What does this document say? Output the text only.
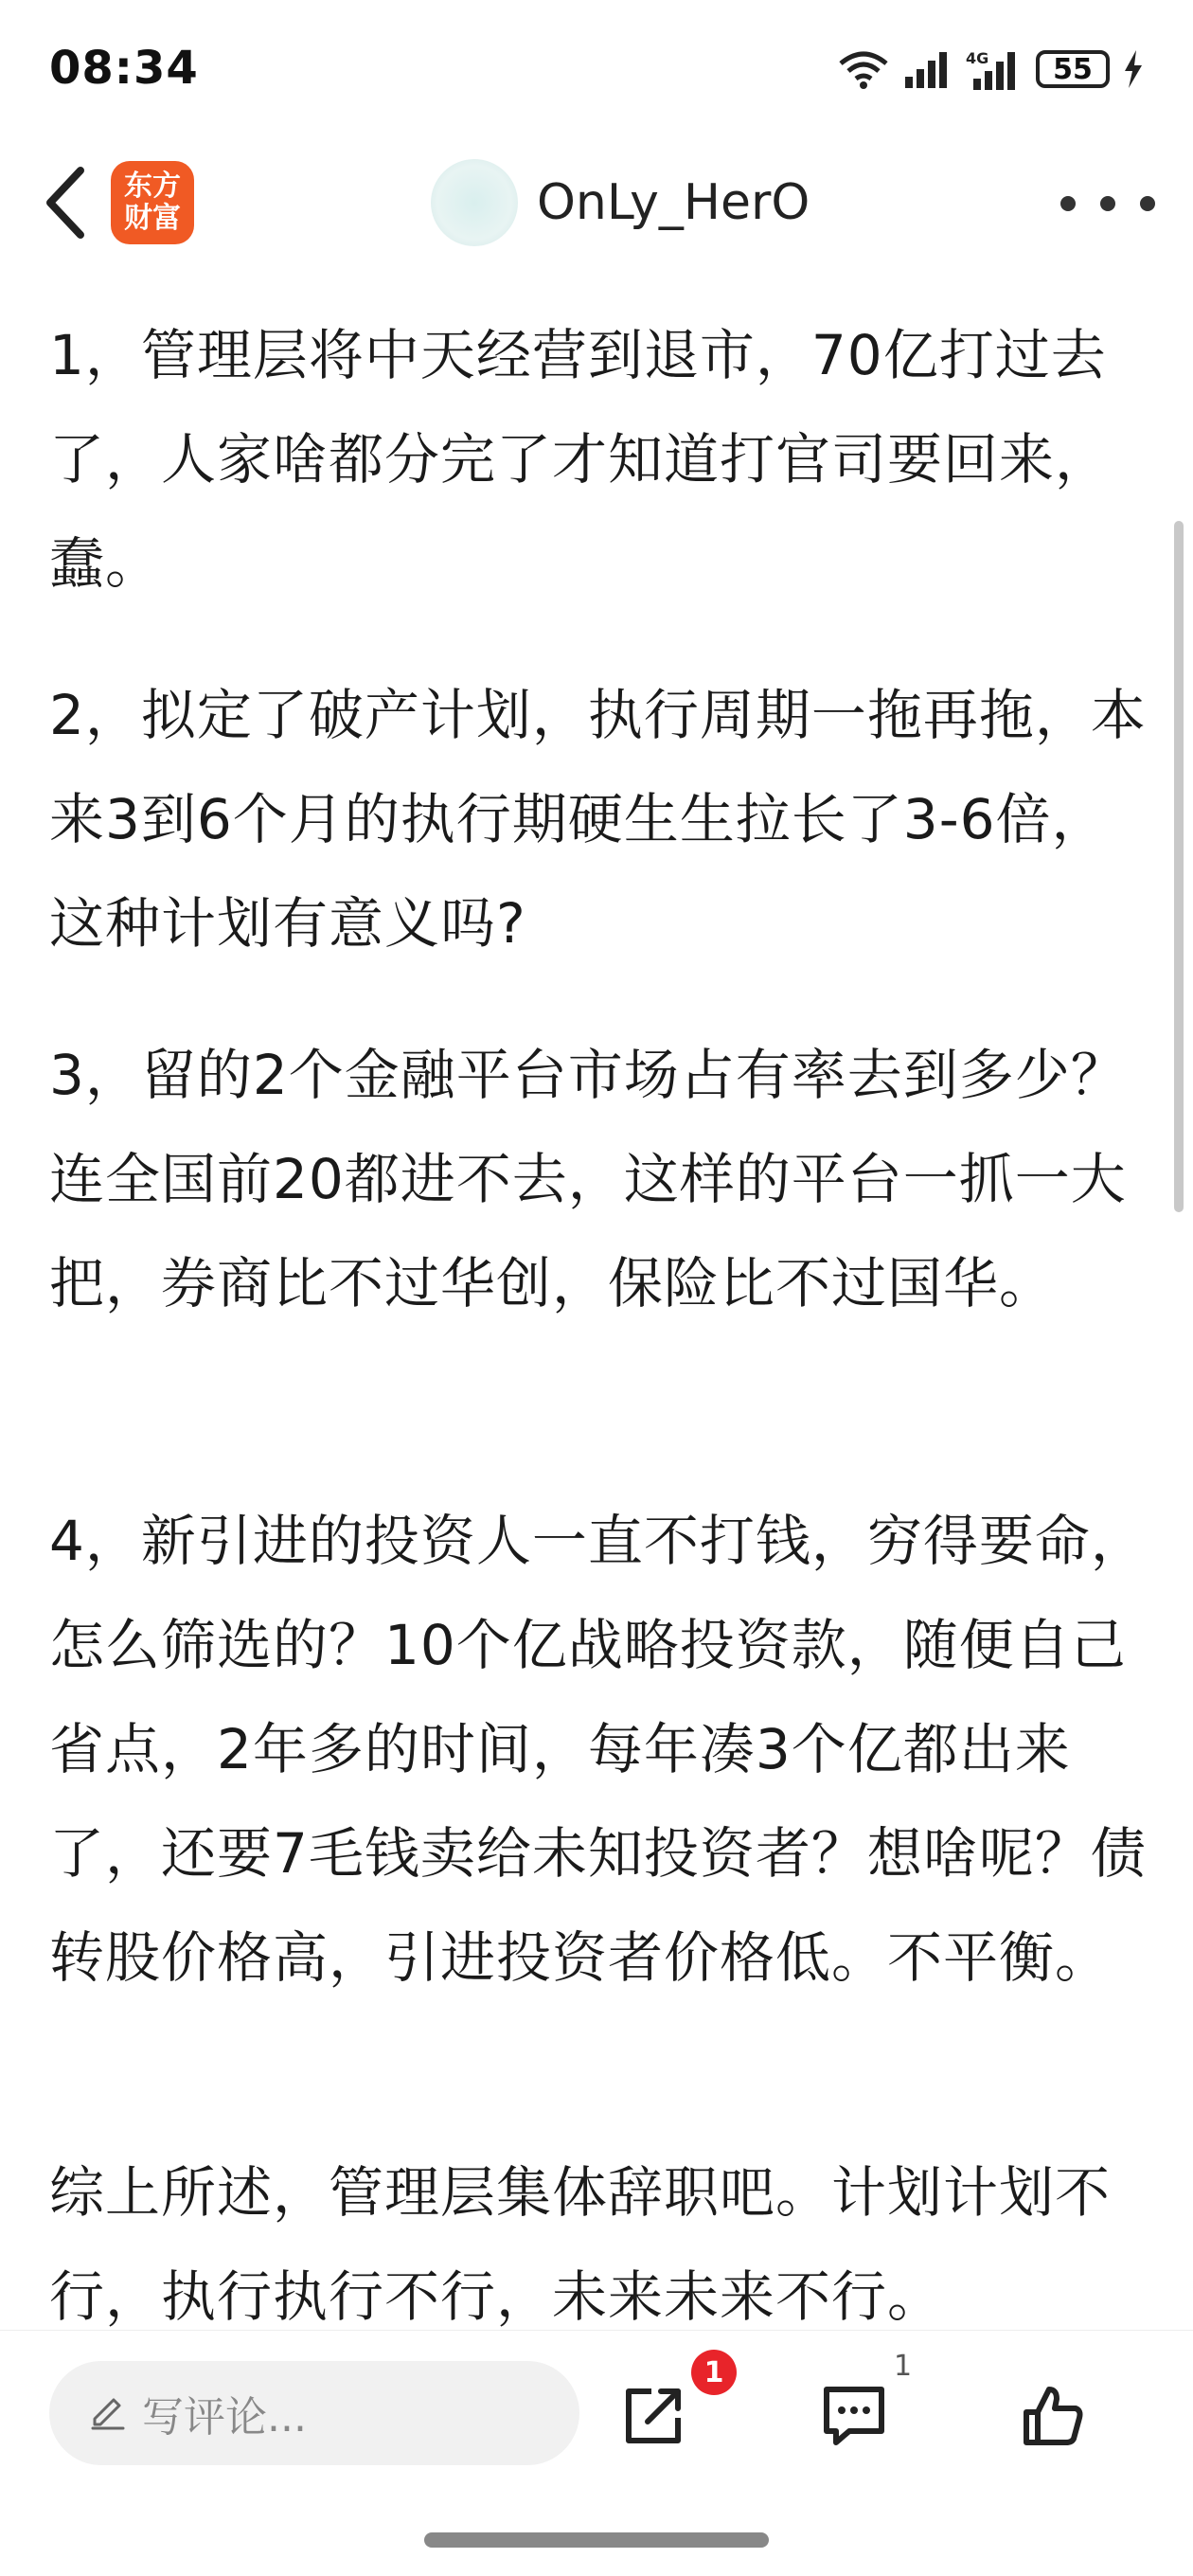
08:34	4G 55
东方
财富	OnLy_HerO

1，管理层将中天经营到退市，70亿打过去了，人家啥都分完了才知道打官司要回来，蠢。

2，拟定了破产计划，执行周期一拖再拖，本来3到6个月的执行期硬生生拉长了3-6倍，这种计划有意义吗?

3，留的2个金融平台市场占有率去到多少？连全国前20都进不去，这样的平台一抓一大把，券商比不过华创，保险比不过国华。

4，新引进的投资人一直不打钱，穷得要命，怎么筛选的？10个亿战略投资款，随便自己省点，2年多的时间，每年凑3个亿都出来了，还要7毛钱卖给未知投资者？想啥呢？债转股价格高，引进投资者价格低。不平衡。

综上所述，管理层集体辞职吧。计划计划不行，执行执行不行，未来未来不行。

写评论...
1	1
